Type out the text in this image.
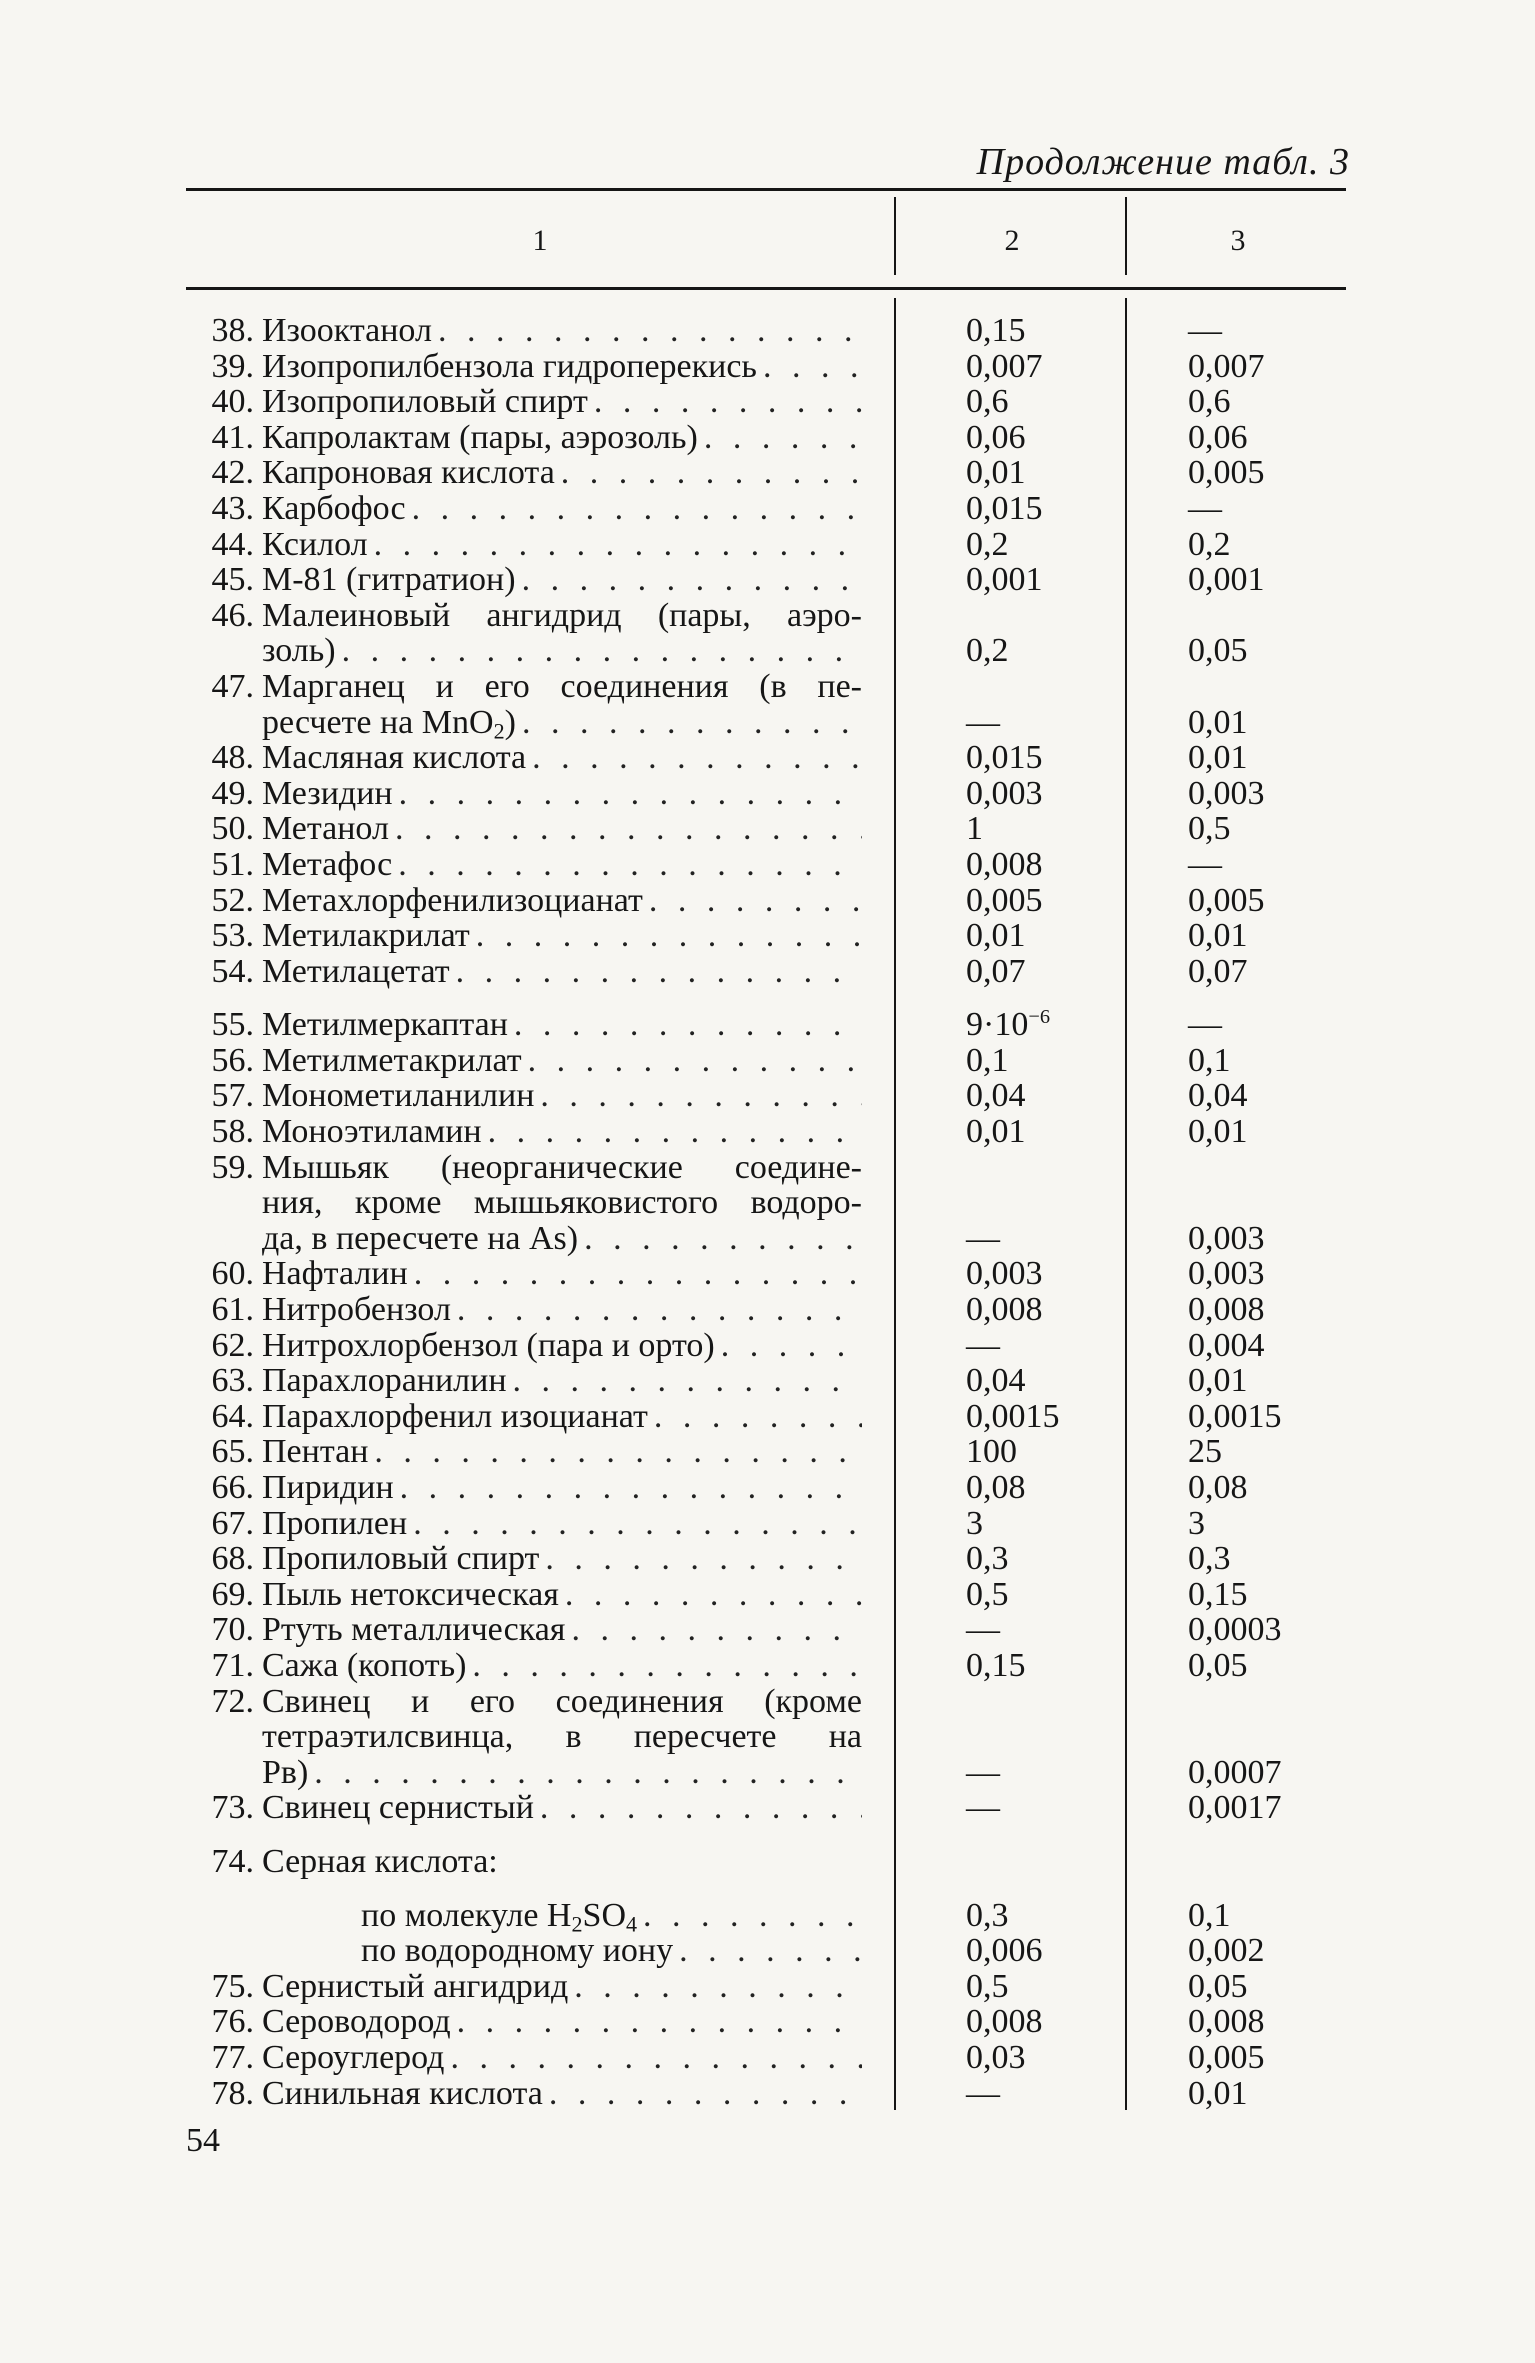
Продолжение табл. 3
1	2	3
38. Изооктанол . . .	0,15	—
39. Изопропилбензола гидроперекись . . .	0,007	0,007
40. Изопропиловый спирт . . .	0,6	0,6
41. Капролактам (пары, аэрозоль) . . .	0,06	0,06
42. Капроновая кислота . . .	0,01	0,005
43. Карбофос . . .	0,015	—
44. Ксилол . . .	0,2	0,2
45. М-81 (гитратион) . . .	0,001	0,001
46. Малеиновый ангидрид (пары, аэро-
золь) . . .	0,2	0,05
47. Марганец и его соединения (в пе-
ресчете на MnO$_2$) . . .	—	0,01
48. Масляная кислота . . .	0,015	0,01
49. Мезидин . . .	0,003	0,003
50. Метанол . . .	1	0,5
51. Метафос . . .	0,008	—
52. Метахлорфенилизоцианат . . .	0,005	0,005
53. Метилакрилат . . .	0,01	0,01
54. Метилацетат . . .	0,07	0,07
55. Метилмеркаптан . . .	$9\cdot 10^{-6}$	—
56. Метилметакрилат . . .	0,1	0,1
57. Монометиланилин . . .	0,04	0,04
58. Моноэтиламин . . .	0,01	0,01
59. Мышьяк (неорганические соедине-
ния, кроме мышьяковистого водоро-
да, в пересчете на As) . . .	—	0,003
60. Нафталин . . .	0,003	0,003
61. Нитробензол . . .	0,008	0,008
62. Нитрохлорбензол (пара и орто) . . .	—	0,004
63. Парахлоранилин . . .	0,04	0,01
64. Парахлорфенил изоцианат . . .	0,0015	0,0015
65. Пентан . . .	100	25
66. Пиридин . . .	0,08	0,08
67. Пропилен . . .	3	3
68. Пропиловый спирт . . .	0,3	0,3
69. Пыль нетоксическая . . .	0,5	0,15
70. Ртуть металлическая . . .	—	0,0003
71. Сажа (копоть) . . .	0,15	0,05
72. Свинец и его соединения (кроме
тетраэтилсвинца, в пересчете на
Pв) . . .	—	0,0007
73. Свинец сернистый . . .	—	0,0017
74. Серная кислота:
по молекуле $H_2SO_4$ . . .	0,3	0,1
по водородному иону . . .	0,006	0,002
75. Сернистый ангидрид . . .	0,5	0,05
76. Сероводород . . .	0,008	0,008
77. Сероуглерод . . .	0,03	0,005
78. Синильная кислота . . .	—	0,01
54
